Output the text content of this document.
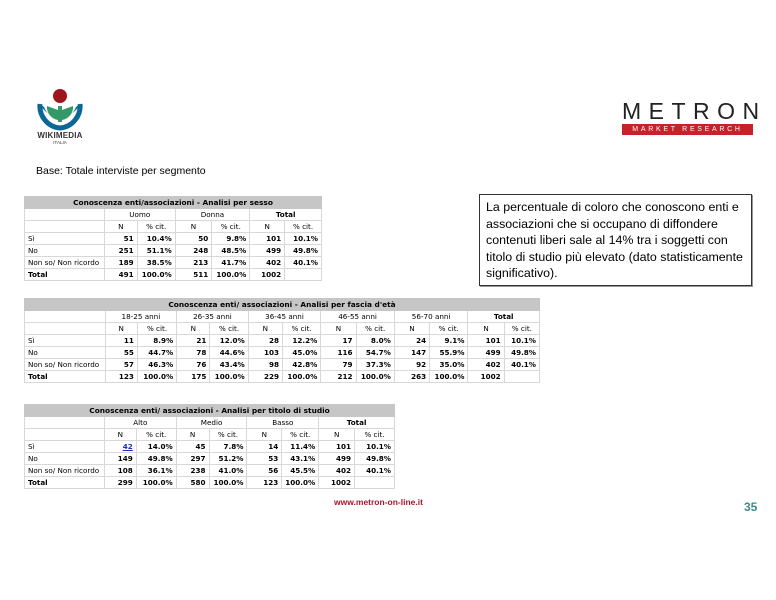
WIKIMEDIA
ITALIA
METRON
MARKET RESEARCH
Base: Totale interviste per segmento
La percentuale di coloro che conoscono enti e associazioni che si occupano di diffondere contenuti liberi sale al 14% tra i soggetti con titolo di studio più elevato (dato statisticamente significativo).
Conoscenza enti/associazioni - Analisi per sesso						
	Uomo		Donna		Total	
	N	% cit.	N	% cit.	N	% cit.
Sì	51	10.4%	50	9.8%	101	10.1%
No	251	51.1%	248	48.5%	499	49.8%
Non so/ Non ricordo	189	38.5%	213	41.7%	402	40.1%
Total	491	100.0%	511	100.0%	1002	
Conoscenza enti/ associazioni - Analisi per fascia d'età												
	18-25 anni		26-35 anni		36-45 anni		46-55 anni		56-70 anni		Total	
	N	% cit.	N	% cit.	N	% cit.	N	% cit.	N	% cit.	N	% cit.
Sì	11	8.9%	21	12.0%	28	12.2%	17	8.0%	24	9.1%	101	10.1%
No	55	44.7%	78	44.6%	103	45.0%	116	54.7%	147	55.9%	499	49.8%
Non so/ Non ricordo	57	46.3%	76	43.4%	98	42.8%	79	37.3%	92	35.0%	402	40.1%
Total	123	100.0%	175	100.0%	229	100.0%	212	100.0%	263	100.0%	1002	
Conoscenza enti/ associazioni - Analisi per titolo di studio								
	Alto		Medio		Basso		Total	
	N	% cit.	N	% cit.	N	% cit.	N	% cit.
Sì	42	14.0%	45	7.8%	14	11.4%	101	10.1%
No	149	49.8%	297	51.2%	53	43.1%	499	49.8%
Non so/ Non ricordo	108	36.1%	238	41.0%	56	45.5%	402	40.1%
Total	299	100.0%	580	100.0%	123	100.0%	1002	
www.metron-on-line.it	35
